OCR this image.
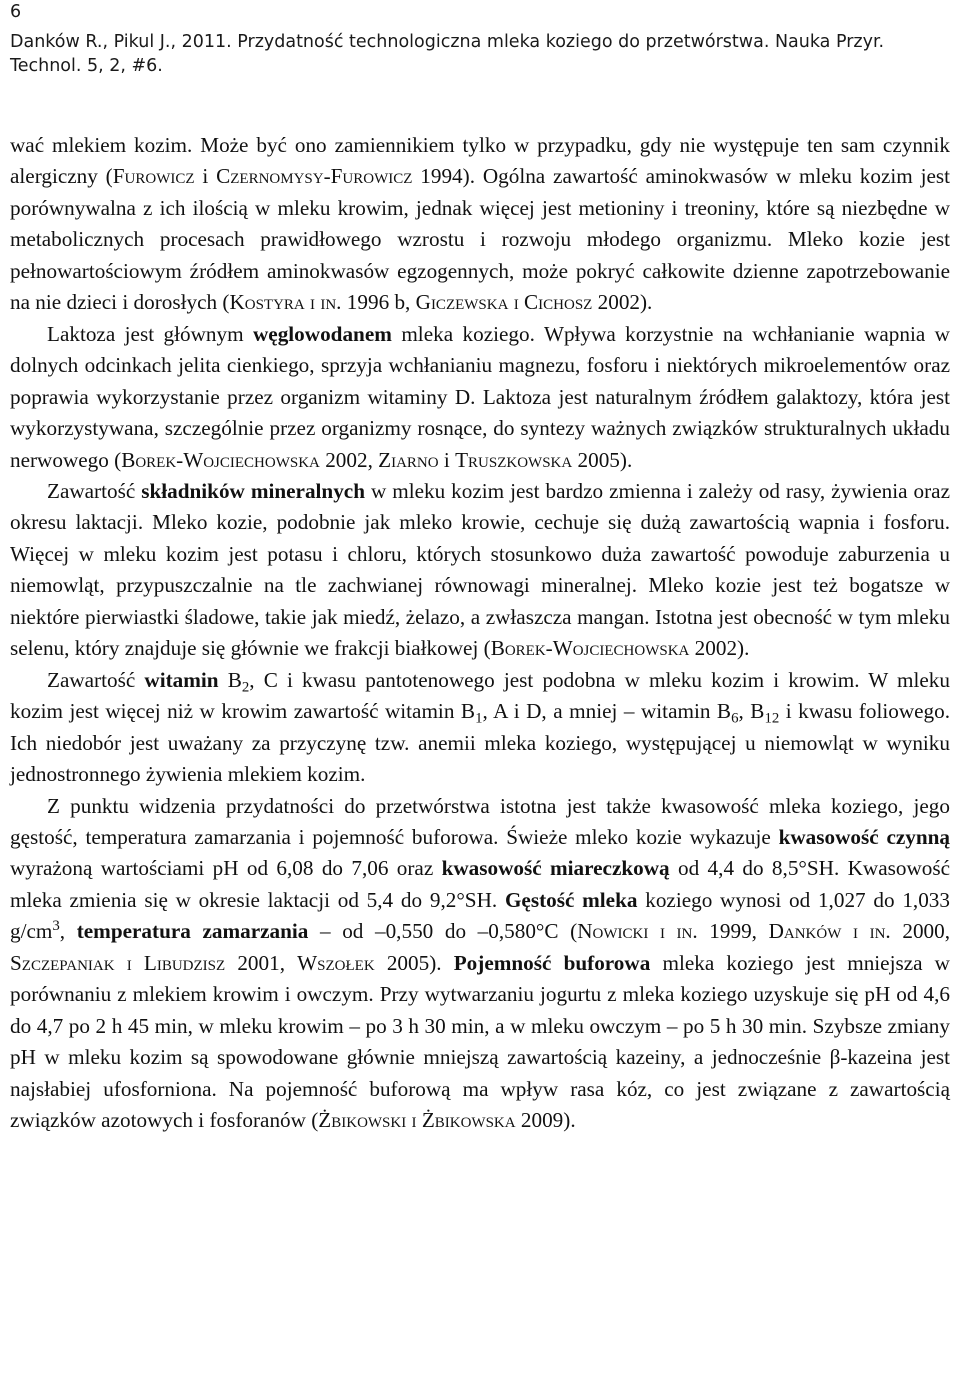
6
Danków R., Pikul J., 2011. Przydatność technologiczna mleka koziego do przetwórstwa. Nauka Przyr. Technol. 5, 2, #6.

wać mlekiem kozim. Może być ono zamiennikiem tylko w przypadku, gdy nie występuje ten sam czynnik alergiczny (Furowicz i Czernomysy-Furowicz 1994). Ogólna zawartość aminokwasów w mleku kozim jest porównywalna z ich ilością w mleku krowim, jednak więcej jest metioniny i treoniny, które są niezbędne w metabolicznych procesach prawidłowego wzrostu i rozwoju młodego organizmu. Mleko kozie jest pełnowartościowym źródłem aminokwasów egzogennych, może pokryć całkowite dzienne zapotrzebowanie na nie dzieci i dorosłych (Kostyra i in. 1996 b, Giczewska i Cichosz 2002).

Laktoza jest głównym węglowodanem mleka koziego. Wpływa korzystnie na wchłanianie wapnia w dolnych odcinkach jelita cienkiego, sprzyja wchłanianiu magnezu, fosforu i niektórych mikroelementów oraz poprawia wykorzystanie przez organizm witaminy D. Laktoza jest naturalnym źródłem galaktozy, która jest wykorzystywana, szczególnie przez organizmy rosnące, do syntezy ważnych związków strukturalnych układu nerwowego (Borek-Wojciechowska 2002, Ziarno i Truszkowska 2005).

Zawartość składników mineralnych w mleku kozim jest bardzo zmienna i zależy od rasy, żywienia oraz okresu laktacji. Mleko kozie, podobnie jak mleko krowie, cechuje się dużą zawartością wapnia i fosforu. Więcej w mleku kozim jest potasu i chloru, których stosunkowo duża zawartość powoduje zaburzenia u niemowląt, przypuszczalnie na tle zachwianej równowagi mineralnej. Mleko kozie jest też bogatsze w niektóre pierwiastki śladowe, takie jak miedź, żelazo, a zwłaszcza mangan. Istotna jest obecność w tym mleku selenu, który znajduje się głównie we frakcji białkowej (Borek-Wojciechowska 2002).

Zawartość witamin $B_2$, C i kwasu pantotenowego jest podobna w mleku kozim i krowim. W mleku kozim jest więcej niż w krowim zawartość witamin $B_1$, A i D, a mniej – witamin $B_6$, $B_{12}$ i kwasu foliowego. Ich niedobór jest uważany za przyczynę tzw. anemii mleka koziego, występującej u niemowląt w wyniku jednostronnego żywienia mlekiem kozim.

Z punktu widzenia przydatności do przetwórstwa istotna jest także kwasowość mleka koziego, jego gęstość, temperatura zamarzania i pojemność buforowa. Świeże mleko kozie wykazuje kwasowość czynną wyrażoną wartościami pH od 6,08 do 7,06 oraz kwasowość miareczkową od 4,4 do 8,5°SH. Kwasowość mleka zmienia się w okresie laktacji od 5,4 do 9,2°SH. Gęstość mleka koziego wynosi od 1,027 do 1,033 $g/cm^3$, temperatura zamarzania – od –0,550 do –0,580°C (Nowicki i in. 1999, Danków i in. 2000, Szczepaniak i Libudzisz 2001, Wszołek 2005). Pojemność buforowa mleka koziego jest mniejsza w porównaniu z mlekiem krowim i owczym. Przy wytwarzaniu jogurtu z mleka koziego uzyskuje się pH od 4,6 do 4,7 po 2 h 45 min, w mleku krowim – po 3 h 30 min, a w mleku owczym – po 5 h 30 min. Szybsze zmiany pH w mleku kozim są spowodowane głównie mniejszą zawartością kazeiny, a jednocześnie β-kazeina jest najsłabiej ufosforniona. Na pojemność buforową ma wpływ rasa kóz, co jest związane z zawartością związków azotowych i fosforanów (Żbikowski i Żbikowska 2009).
